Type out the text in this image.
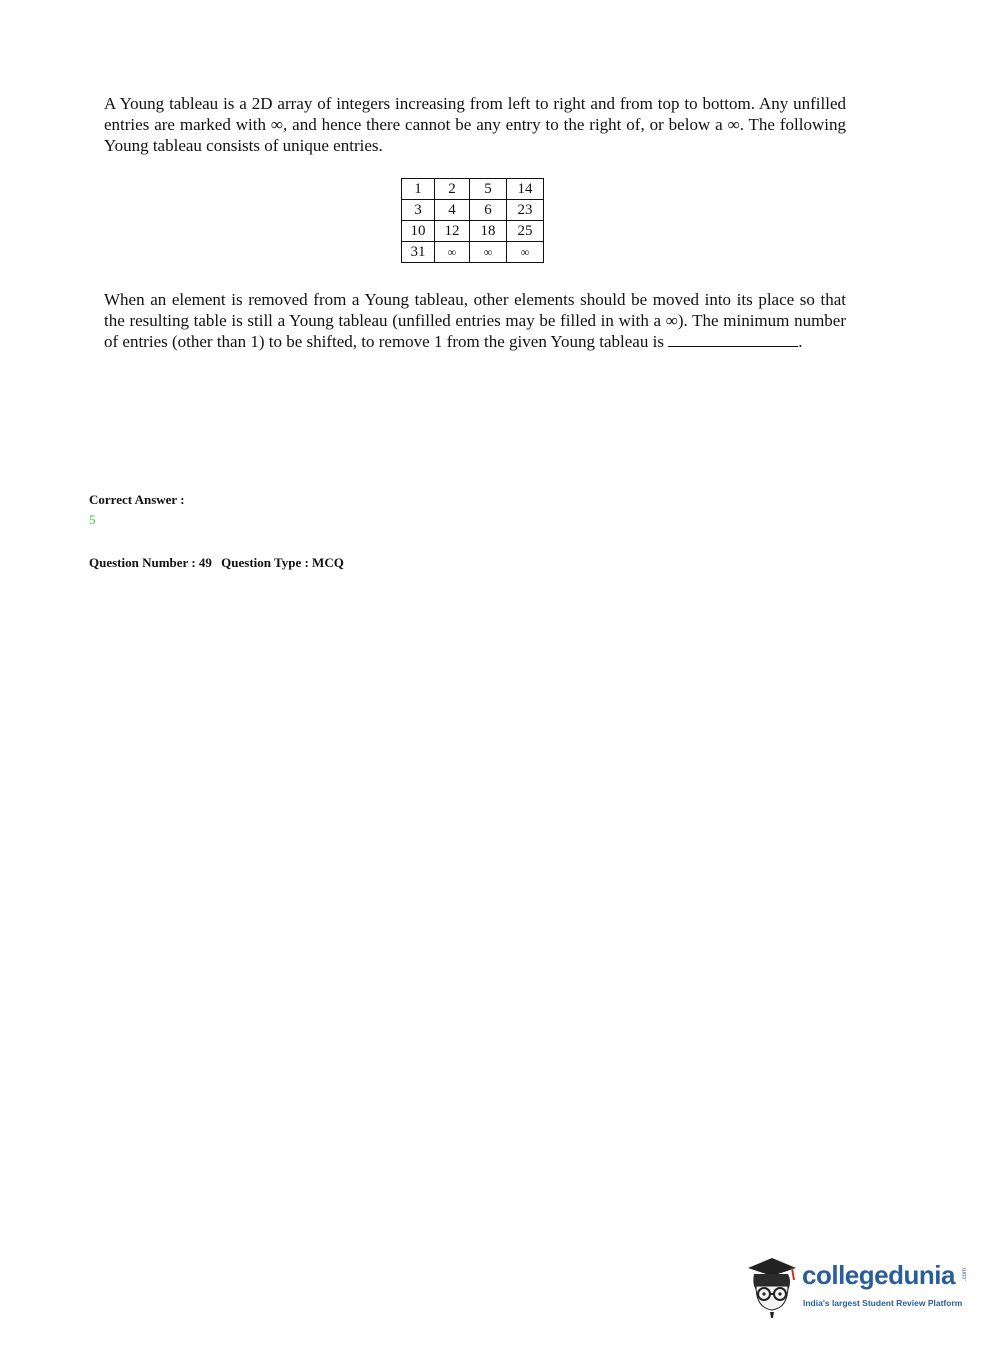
A Young tableau is a 2D array of integers increasing from left to right and from top to bottom. Any unfilled entries are marked with ∞, and hence there cannot be any entry to the right of, or below a ∞. The following Young tableau consists of unique entries.

1	2	5	14
3	4	6	23
10	12	18	25
31	∞	∞	∞

When an element is removed from a Young tableau, other elements should be moved into its place so that the resulting table is still a Young tableau (unfilled entries may be filled in with a ∞). The minimum number of entries (other than 1) to be shifted, to remove 1 from the given Young tableau is	.

Correct Answer :

5

Question Number : 49 Question Type : MCQ

collegedunia

India's largest Student Review Platform

.com
